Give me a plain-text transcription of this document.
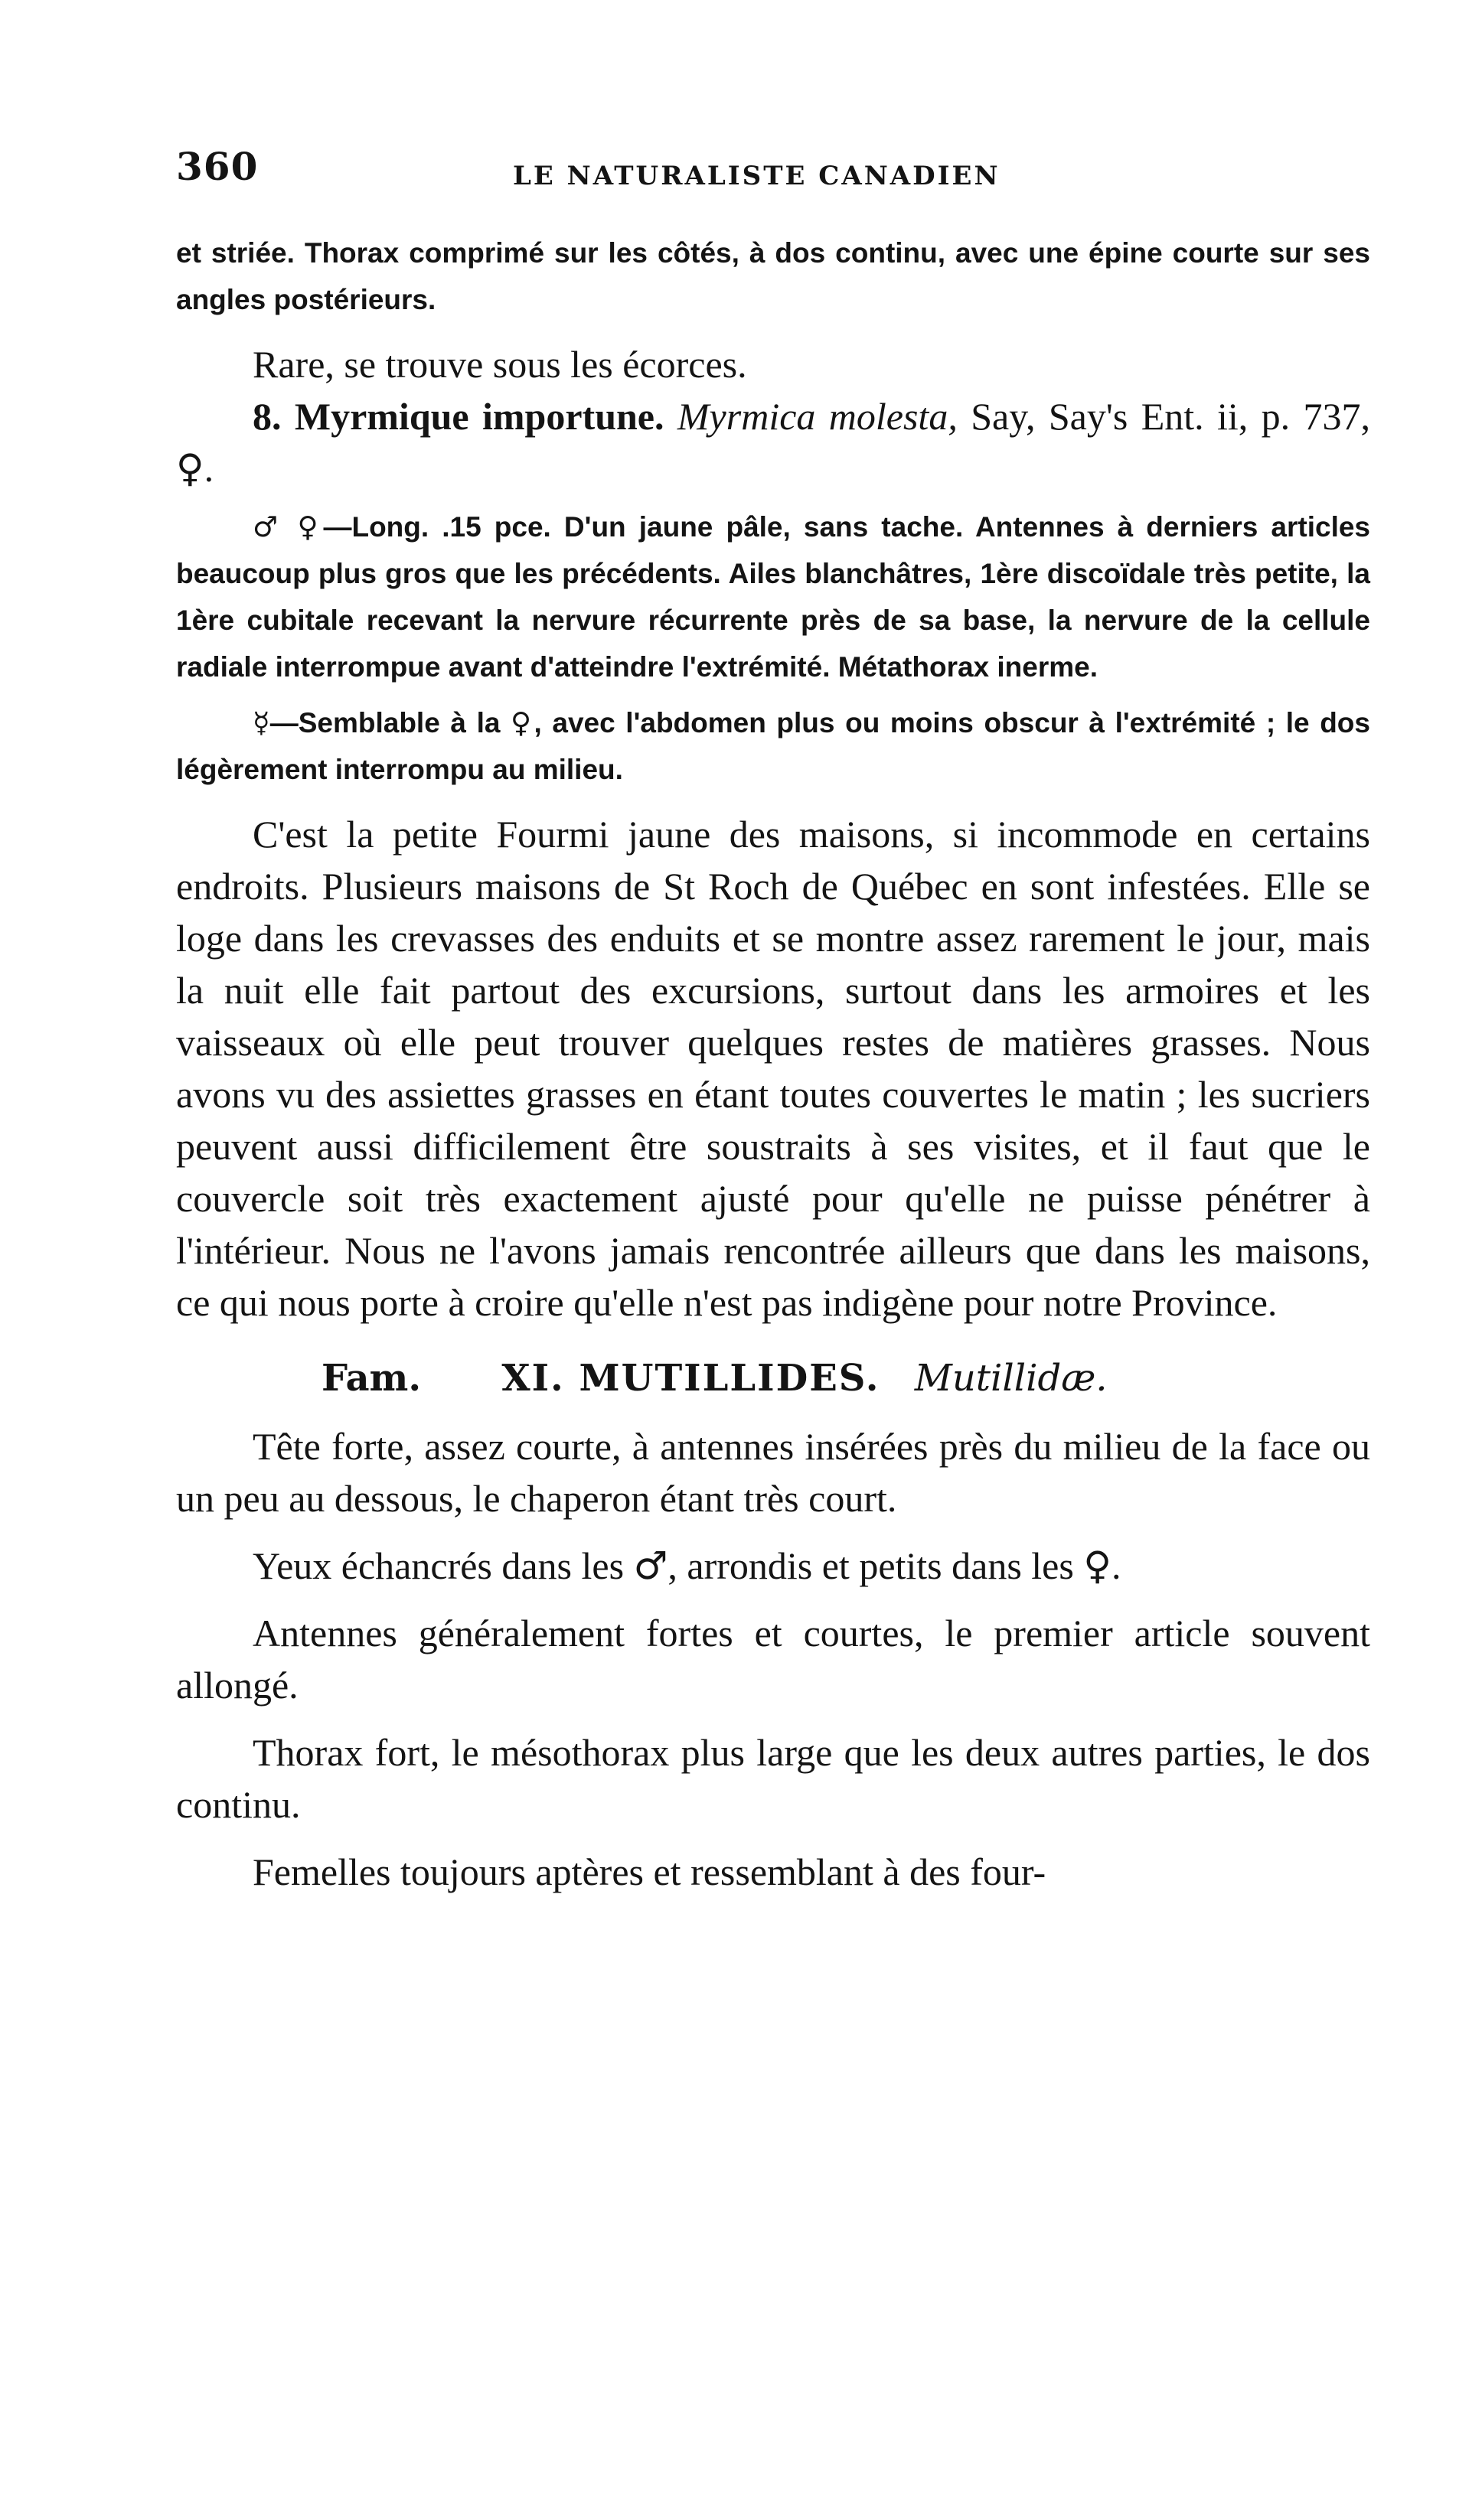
360	LE NATURALISTE CANADIEN

et striée. Thorax comprimé sur les côtés, à dos continu, avec une épine courte sur ses angles postérieurs.

Rare, se trouve sous les écorces.

8. Myrmique importune. Myrmica molesta, Say, Say's Ent. ii, p. 737, ♀.

♂ ♀—Long. .15 pce. D'un jaune pâle, sans tache. Antennes à derniers articles beaucoup plus gros que les précédents. Ailes blanchâtres, 1ère discoïdale très petite, la 1ère cubitale recevant la nervure récurrente près de sa base, la nervure de la cellule radiale interrompue avant d'atteindre l'extrémité. Métathorax inerme.

☿—Semblable à la ♀, avec l'abdomen plus ou moins obscur à l'extrémité ; le dos légèrement interrompu au milieu.

C'est la petite Fourmi jaune des maisons, si incommode en certains endroits. Plusieurs maisons de St Roch de Québec en sont infestées. Elle se loge dans les crevasses des enduits et se montre assez rarement le jour, mais la nuit elle fait partout des excursions, surtout dans les armoires et les vaisseaux où elle peut trouver quelques restes de matières grasses. Nous avons vu des assiettes grasses en étant toutes couvertes le matin ; les sucriers peuvent aussi difficilement être soustraits à ses visites, et il faut que le couvercle soit très exactement ajusté pour qu'elle ne puisse pénétrer à l'intérieur. Nous ne l'avons jamais rencontrée ailleurs que dans les maisons, ce qui nous porte à croire qu'elle n'est pas indigène pour notre Province.

Fam. XI. MUTILLIDES. Mutillidæ.

Tête forte, assez courte, à antennes insérées près du milieu de la face ou un peu au dessous, le chaperon étant très court.

Yeux échancrés dans les ♂, arrondis et petits dans les ♀.

Antennes généralement fortes et courtes, le premier article souvent allongé.

Thorax fort, le mésothorax plus large que les deux autres parties, le dos continu.

Femelles toujours aptères et ressemblant à des four-
